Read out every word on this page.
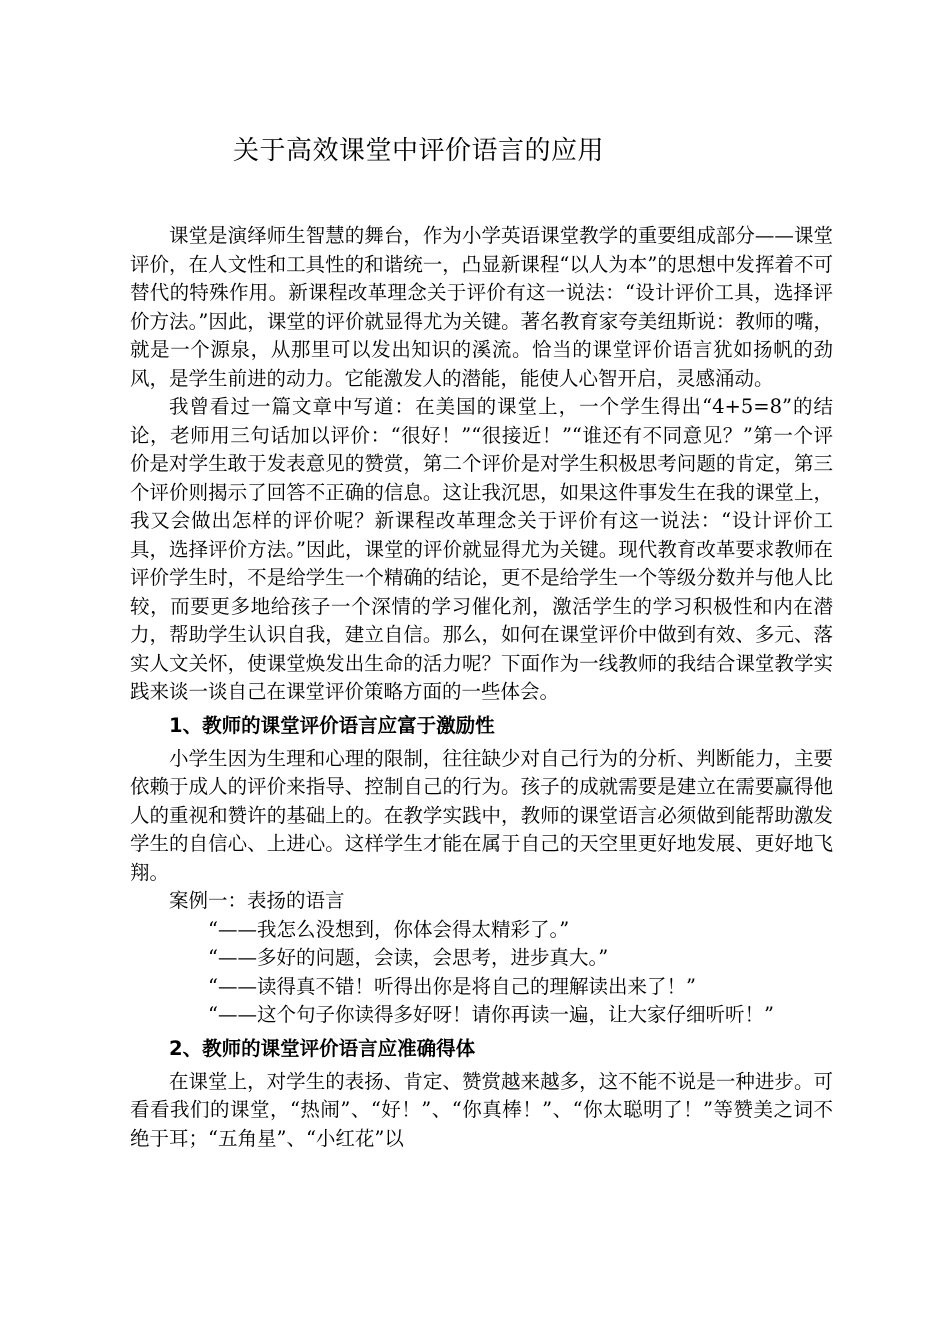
关于高效课堂中评价语言的应用

课堂是演绎师生智慧的舞台，作为小学英语课堂教学的重要组成部分——课堂评价，在人文性和工具性的和谐统一，凸显新课程“以人为本”的思想中发挥着不可替代的特殊作用。新课程改革理念关于评价有这一说法：“设计评价工具，选择评价方法。”因此，课堂的评价就显得尤为关键。著名教育家夸美纽斯说：教师的嘴，就是一个源泉，从那里可以发出知识的溪流。恰当的课堂评价语言犹如扬帆的劲风，是学生前进的动力。它能激发人的潜能，能使人心智开启，灵感涌动。

我曾看过一篇文章中写道：在美国的课堂上，一个学生得出“4+5=8”的结论，老师用三句话加以评价：“很好！”“很接近！”“谁还有不同意见？”第一个评价是对学生敢于发表意见的赞赏，第二个评价是对学生积极思考问题的肯定，第三个评价则揭示了回答不正确的信息。这让我沉思，如果这件事发生在我的课堂上，我又会做出怎样的评价呢？新课程改革理念关于评价有这一说法：“设计评价工具，选择评价方法。”因此，课堂的评价就显得尤为关键。现代教育改革要求教师在评价学生时，不是给学生一个精确的结论，更不是给学生一个等级分数并与他人比较，而要更多地给孩子一个深情的学习催化剂，激活学生的学习积极性和内在潜力，帮助学生认识自我，建立自信。那么，如何在课堂评价中做到有效、多元、落实人文关怀，使课堂焕发出生命的活力呢？下面作为一线教师的我结合课堂教学实践来谈一谈自己在课堂评价策略方面的一些体会。

1、教师的课堂评价语言应富于激励性

小学生因为生理和心理的限制，往往缺少对自己行为的分析、判断能力，主要依赖于成人的评价来指导、控制自己的行为。孩子的成就需要是建立在需要赢得他人的重视和赞许的基础上的。在教学实践中，教师的课堂语言必须做到能帮助激发学生的自信心、上进心。这样学生才能在属于自己的天空里更好地发展、更好地飞翔。

案例一：表扬的语言

“——我怎么没想到，你体会得太精彩了。”

“——多好的问题，会读，会思考，进步真大。”

“——读得真不错！听得出你是将自己的理解读出来了！”

“——这个句子你读得多好呀！请你再读一遍，让大家仔细听听！”

2、教师的课堂评价语言应准确得体

在课堂上，对学生的表扬、肯定、赞赏越来越多，这不能不说是一种进步。可看看我们的课堂，“热闹”、“好！”、“你真棒！”、“你太聪明了！”等赞美之词不绝于耳；“五角星”、“小红花”以
